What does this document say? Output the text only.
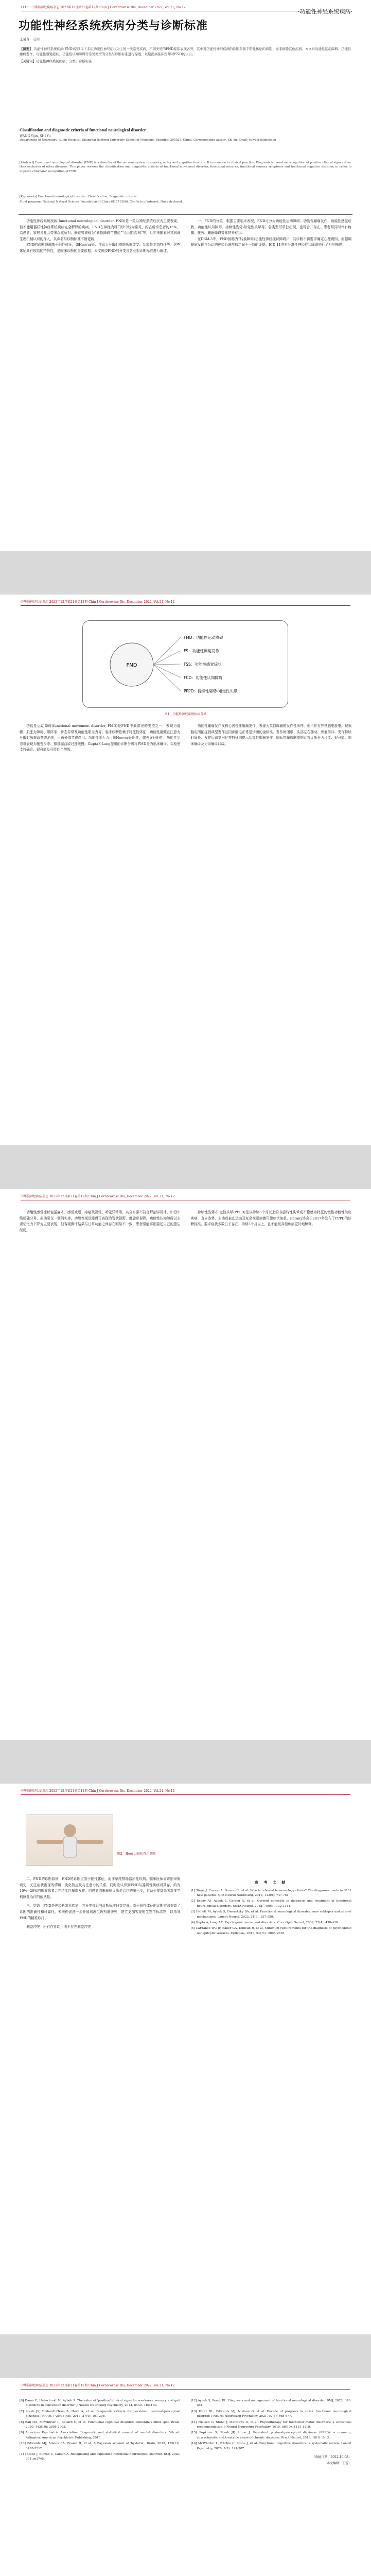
1116 中华脑神经疾病杂志 2022年12月第21卷第12期 Chin J Cerebrovasc Dis, December 2022, Vol.21, No.12
·功能性神经系统疾病·
功能性神经系统疾病分类与诊断标准
王易晋　石雨
【摘要】 功能性神经系统疾病(FND)是以以下多组功能性神经症状为主的一类常见疾病，不同类型的FND临床表现各异，其中对功能性神经疾病的诊断多基于阳性体征的识别，而非排除其他疾病。本文对功能性运动障碍、功能性癫痫发作、功能性感觉症状、功能性认知障碍等常见类型的分类与诊断标准进行综述，以期提高临床医师对FND的认识。
【关键词】功能性神经系统疾病；分类；诊断标准
Classification and diagnostic criteria of functional neurological disorder
WANG Yijin, SHI Yu
Department of Neurology, Ruijin Hospital, Shanghai Jiaotong University School of Medicine, Shanghai 200025, China. Corresponding author: Shi Yu, Email: shiyu@example.cn
[Abstract] Functional neurological disorder (FND) is a disorder of the nervous system in sensory, motor and cognitive function. It is common in clinical practice. Diagnosis is based on recognition of positive clinical signs rather than exclusion of other diseases. This paper reviews the classification and diagnostic criteria of functional movement disorder, functional seizures, functional sensory symptoms and functional cognitive disorder, in order to improve clinicians' recognition of FND.
[Key words] Functional neurological disorder; Classification; Diagnostic criteria
Fund program: National Natural Science Foundation of China (81771366). Conflicts of interest: None declared.

功能性神经系统疾病(functional neurological disorder, FND)是一类以神经系统症状为主要表现、但不能用器质性神经系统疾病完全解释的疾病。FND在神经内科门诊中较为常见，约占新诊患者的16%，给患者、家庭及社会带来沉重负担。既往曾被称为“转换障碍”“癔症”“心因性疾病”等，近年来随着对其病理生理机制认识的深入，其命名与诊断标准不断更新。

FND的诊断强调基于阳性体征，如Hoover征、注意力分散时震颤频率改变、功能性步态特征等。这些体征具有较高的特异性，是临床诊断的重要依据。本文围绕FND的分类及各亚型诊断标准进行阐述。

一、FND的分类　根据主要临床表现，FND可分为功能性运动障碍、功能性癫痫发作、功能性感觉症状、功能性认知障碍、持续性姿势-知觉性头晕等。各类型可单独出现，也可合并存在。患者常同时伴有疼痛、疲劳、睡眠障碍等非特异症状。

在DSM-5中，FND被称为“转换障碍(功能性神经症状障碍)”，其诊断不再要求确定心理诱因，而强调临床发现与公认的神经系统疾病之间不一致的证据。ICD-11亦对分离性神经症状障碍进行了相应描述。

中华脑神经疾病杂志 2022年12月第21卷第12期 Chin J Cerebrovasc Dis, December 2022, Vol.21, No.12
FND
FMD：功能性运动障碍
FS：功能性癫痫发作
FSS：功能性感觉症状
FCD：功能性认知障碍
PPPD：持续性姿势-知觉性头晕
图1　功能性神经系统疾病分类

功能性运动障碍(functional movement disorder, FMD)是FND中最常见的类型之一，表现为震颤、肌张力障碍、肌阵挛、步态异常及功能性肌无力等。临床诊断依赖于特征性体征：功能性震颤在注意力分散时频率改变或消失，可被外部节律牵引；功能性肌无力可见Hoover征阳性、髋外展征阳性；功能性步态常表现为拖曳步态、膝部屈曲或过度缓慢。Gupta和Lang提出的诊断分级将FMD分为临床确诊、实验室支持确诊、很可能及可能四个等级。

功能性癫痫发作又称心因性非癫痫发作，表现为类似癫痫的发作性事件，但不伴有异常脑电放电。视频脑电图捕捉到典型发作且同步脑电正常是诊断的金标准。发作时闭眼、头部左右摆动、骨盆前冲、发作持续时间长、发作后即刻回忆等特征均提示功能性癫痫发作。国际抗癫痫联盟据此将诊断分为可能、很可能、临床确诊及记录确诊四级。

中华脑神经疾病杂志 2022年12月第21卷第12期 Chin J Cerebrovasc Dis, December 2022, Vol.21, No.12

功能性感觉症状包括麻木、感觉减退、疼痛及视觉、听觉异常等，其分布常不符合解剖学规律，如沿中线精确分界、振动觉仅一侧消失等。功能性视觉障碍可表现为管状视野、螺旋形视野。功能性认知障碍以主观记忆力下降为主要表现，但客观测评结果与日常功能之间存在明显不一致，患者常能详细描述自己的遗忘经历。

持续性姿势-知觉性头晕(PPPD)是以持续3个月以上的非旋转性头晕或不稳感为特征的慢性功能性前庭疾病，直立姿势、主动或被动运动及复杂视觉刺激可使症状加重。Bárány协会于2017年发布了PPPD的诊断标准，要求症状多数日子存在、持续3个月以上，且不能被其他疾病更好地解释。

中华脑神经疾病杂志 2022年12月第21卷第12期 Chin J Cerebrovasc Dis, December 2022, Vol.21, No.12
图2　Hoover征检查示意图

二、FND的诊断原则　FND的诊断应基于阳性体征，而非单纯排除器质性疾病。临床医师需详细采集病史，关注症状出现的情境、变化特点及与注意力的关系。同时应认识到FND与器质性疾病可共存，约有10%~20%的癫痫患者合并功能性癫痫发作。向患者清晰解释诊断是治疗的第一步，有助于提高患者对多学科康复治疗的依从性。

三、结语　FND是神经科常见疾病，其分类体系与诊断标准日益完善。基于阳性体征的诊断方法提高了诊断的准确性和可靠性。未来仍需进一步开展病理生理机制研究，建立更加客观的生物学标志物，以指导FND的精准诊疗。

利益冲突　所有作者均声明不存在利益冲突

参 考 文 献
[1] Stone J, Carson A, Duncan R, et al. Who is referred to neurology clinics? The diagnoses made in 3781 new patients. Clin Neurol Neurosurg, 2010, 112(9): 747-751.
[2] Espay AJ, Aybek S, Carson A, et al. Current concepts in diagnosis and treatment of functional neurological disorders. JAMA Neurol, 2018, 75(9): 1132-1141.
[3] Hallett M, Aybek S, Dworetzky BA, et al. Functional neurological disorder: new subtypes and shared mechanisms. Lancet Neurol, 2022, 21(6): 537-550.
[4] Gupta A, Lang AE. Psychogenic movement disorders. Curr Opin Neurol, 2009, 22(4): 430-436.
[5] LaFrance WC Jr, Baker GA, Duncan R, et al. Minimum requirements for the diagnosis of psychogenic nonepileptic seizures. Epilepsia, 2013, 54(11): 2005-2018.
中华脑神经疾病杂志 2022年12月第21卷第12期 Chin J Cerebrovasc Dis, December 2022, Vol.21, No.12
[6] Daum C, Hubschmid M, Aybek S. The value of 'positive' clinical signs for weakness, sensory and gait disorders in conversion disorder. J Neurol Neurosurg Psychiatry, 2014, 85(2): 180-190.
[7] Staab JP, Eckhardt-Henn A, Horii A, et al. Diagnostic criteria for persistent postural-perceptual dizziness (PPPD). J Vestib Res, 2017, 27(4): 191-208.
[8] Ball HA, McWhirter L, Ballard C, et al. Functional cognitive disorder: dementia's blind spot. Brain, 2020, 143(10): 2895-2903.
[9] American Psychiatric Association. Diagnostic and statistical manual of mental disorders. 5th ed. Arlington: American Psychiatric Publishing, 2013.
[10] Edwards MJ, Adams RA, Brown H, et al. A Bayesian account of 'hysteria'. Brain, 2012, 135(11): 3495-3512.
[11] Stone J, Burton C, Carson A. Recognising and explaining functional neurological disorder. BMJ, 2020, 371: m3745.
[12] Aybek S, Perez DL. Diagnosis and management of functional neurological disorder. BMJ, 2022, 376: o64.
[13] Perez DL, Edwards MJ, Nielsen G, et al. Decade of progress in motor functional neurological disorder. J Neurol Neurosurg Psychiatry, 2021, 92(6): 668-677.
[14] Nielsen G, Stone J, Matthews A, et al. Physiotherapy for functional motor disorders: a consensus recommendation. J Neurol Neurosurg Psychiatry, 2015, 86(10): 1113-1119.
[15] Popkirov S, Staab JP, Stone J. Persistent postural-perceptual dizziness (PPPD): a common, characteristic and treatable cause of chronic dizziness. Pract Neurol, 2018, 18(1): 5-13.
[16] McWhirter L, Ritchie C, Stone J, et al. Functional cognitive disorders: a systematic review. Lancet Psychiatry, 2020, 7(2): 191-207.
（收稿日期：2022-10-08）
（本文编辑：王蕾）
